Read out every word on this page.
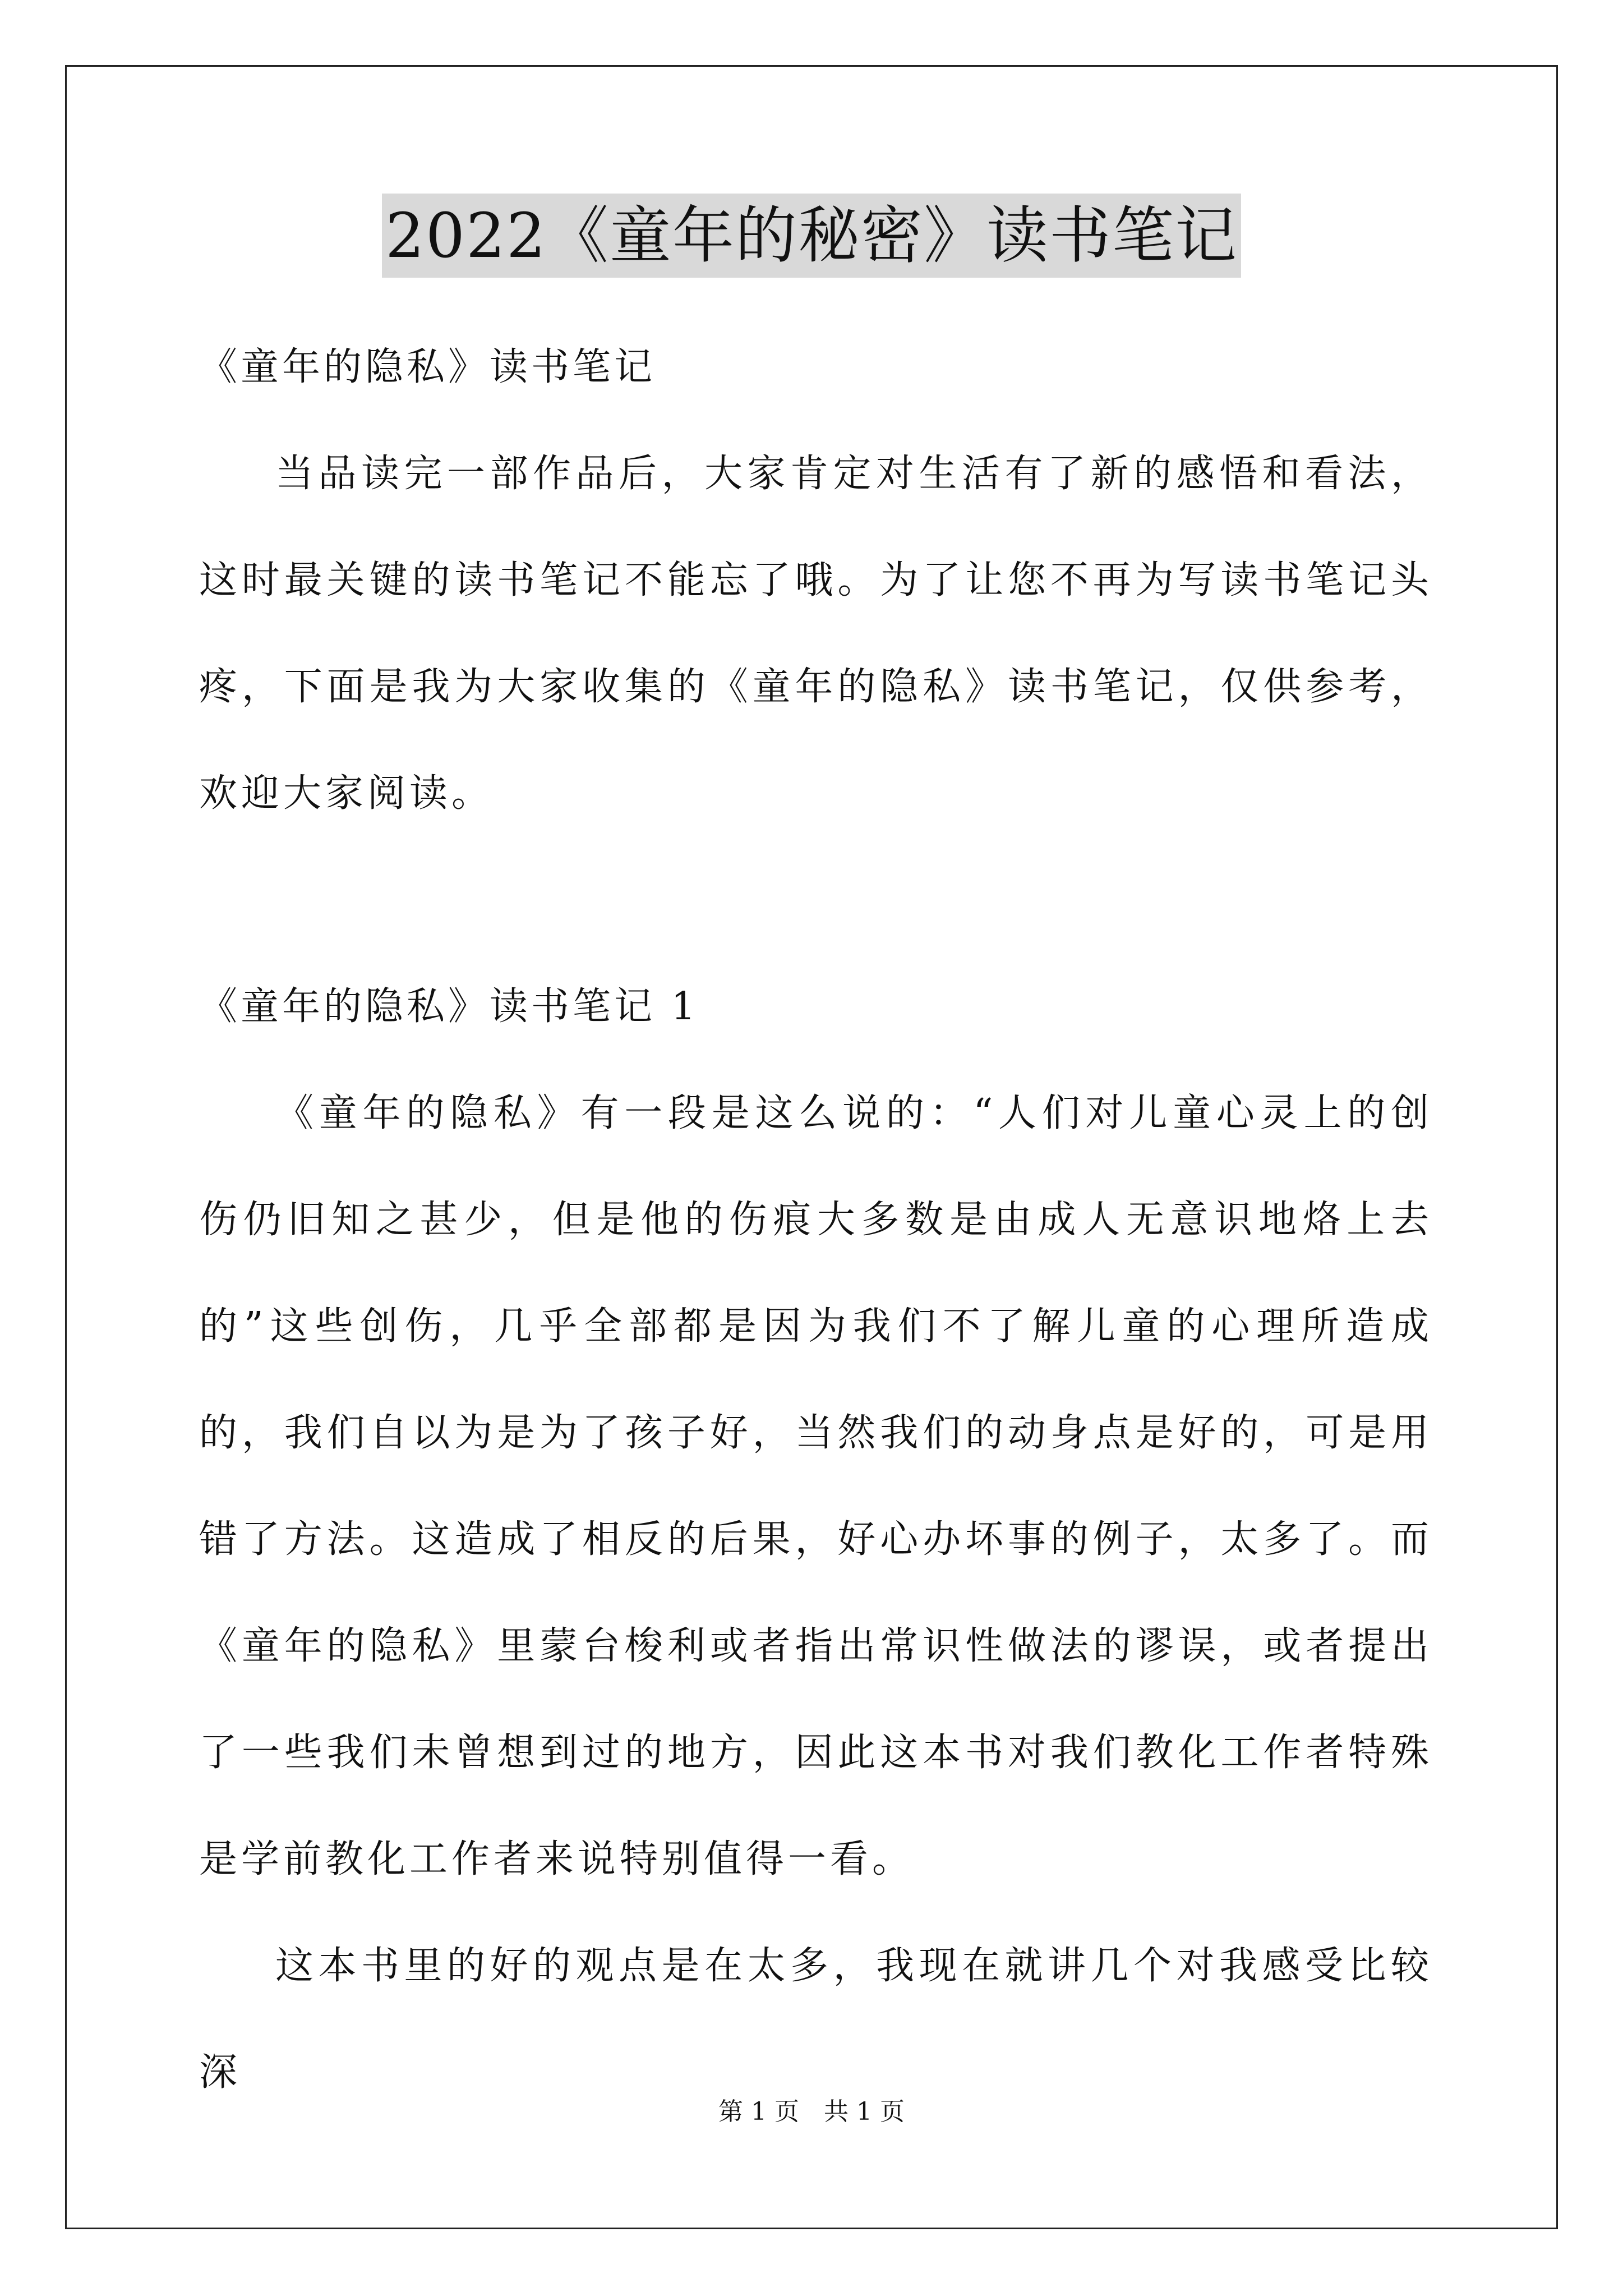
2022《童年的秘密》读书笔记

《童年的隐私》读书笔记

当品读完一部作品后，大家肯定对生活有了新的感悟和看法，这时最关键的读书笔记不能忘了哦。为了让您不再为写读书笔记头疼，下面是我为大家收集的《童年的隐私》读书笔记，仅供参考，欢迎大家阅读。

《童年的隐私》读书笔记 1

《童年的隐私》有一段是这么说的：“人们对儿童心灵上的创伤仍旧知之甚少，但是他的伤痕大多数是由成人无意识地烙上去的”这些创伤，几乎全部都是因为我们不了解儿童的心理所造成的，我们自以为是为了孩子好，当然我们的动身点是好的，可是用错了方法。这造成了相反的后果，好心办坏事的例子，太多了。而《童年的隐私》里蒙台梭利或者指出常识性做法的谬误，或者提出了一些我们未曾想到过的地方，因此这本书对我们教化工作者特殊是学前教化工作者来说特别值得一看。

这本书里的好的观点是在太多，我现在就讲几个对我感受比较深

第 1 页　共 1 页
